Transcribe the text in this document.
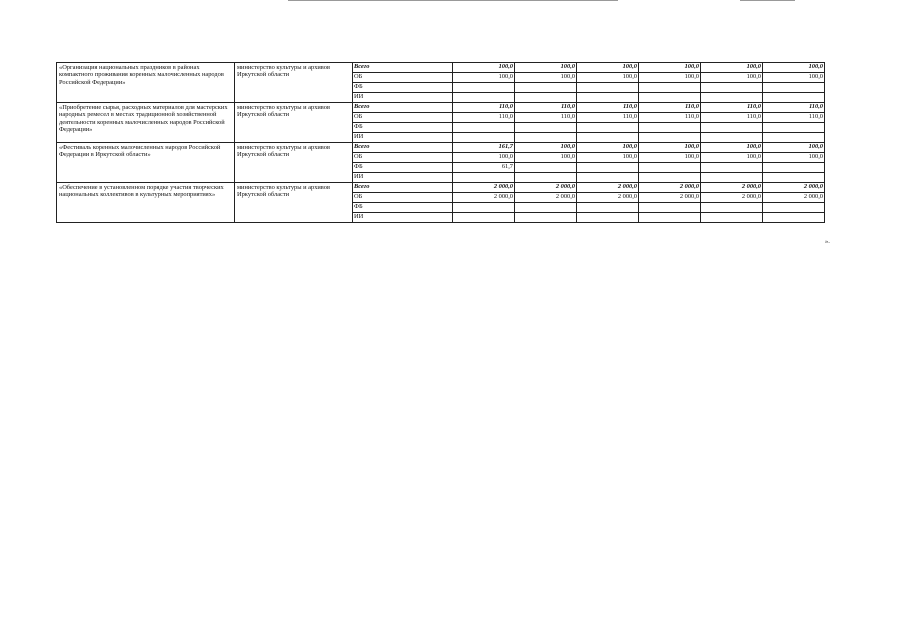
«Организация национальных праздников в районах компактного проживания коренных малочисленных народов Российской Федерации»	министерство культуры и архивов Иркутской области	Всего	100,0	100,0	100,0	100,0	100,0	100,0
		ОБ	100,0	100,0	100,0	100,0	100,0	100,0
		ФБ						
		ИИ						
«Приобретение сырья, расходных материалов для мастерских народных ремесел в местах традиционной хозяйственной деятельности коренных малочисленных народов Российской Федерации»	министерство культуры и архивов Иркутской области	Всего	110,0	110,0	110,0	110,0	110,0	110,0
		ОБ	110,0	110,0	110,0	110,0	110,0	110,0
		ФБ						
		ИИ						
«Фестиваль коренных малочисленных народов Российской Федерации в Иркутской области»	министерство культуры и архивов Иркутской области	Всего	161,7	100,0	100,0	100,0	100,0	100,0
		ОБ	100,0	100,0	100,0	100,0	100,0	100,0
		ФБ	61,7					
		ИИ						
«Обеспечение в установленном порядке участия творческих национальных коллективов в культурных мероприятиях»	министерство культуры и архивов Иркутской области	Всего	2 000,0	2 000,0	2 000,0	2 000,0	2 000,0	2 000,0
		ОБ	2 000,0	2 000,0	2 000,0	2 000,0	2 000,0	2 000,0
		ФБ						
		ИИ						
».
